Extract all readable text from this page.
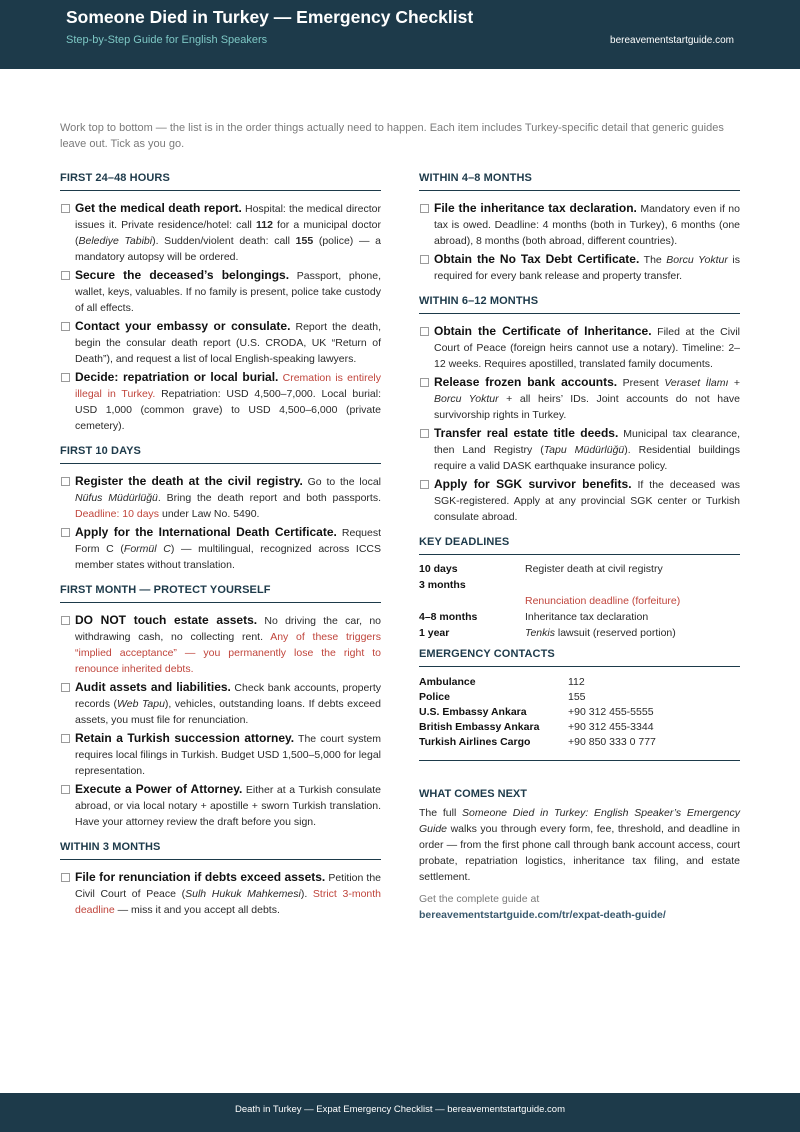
Someone Died in Turkey — Emergency Checklist
Step-by-Step Guide for English Speakers	bereavementstartguide.com

Work top to bottom — the list is in the order things actually need to happen. Each item includes Turkey-specific detail that generic guides leave out. Tick as you go.

FIRST 24–48 HOURS
Get the medical death report. Hospital: the medical director issues it. Private residence/hotel: call 112 for a municipal doctor (Belediye Tabibi). Sudden/violent death: call 155 (police) — a mandatory autopsy will be ordered.
Secure the deceased’s belongings. Passport, phone, wallet, keys, valuables. If no family is present, police take custody of all effects.
Contact your embassy or consulate. Report the death, begin the consular death report (U.S. CRODA, UK “Return of Death”), and request a list of local English-speaking lawyers.
Decide: repatriation or local burial. Cremation is entirely illegal in Turkey. Repatriation: USD 4,500–7,000. Local burial: USD 1,000 (common grave) to USD 4,500–6,000 (private cemetery).
FIRST 10 DAYS
Register the death at the civil registry. Go to the local Nüfus Müdürlüğü. Bring the death report and both passports. Deadline: 10 days under Law No. 5490.
Apply for the International Death Certificate. Request Form C (Formül C) — multilingual, recognized across ICCS member states without translation.
FIRST MONTH — PROTECT YOURSELF
DO NOT touch estate assets. No driving the car, no withdrawing cash, no collecting rent. Any of these triggers “implied acceptance” — you permanently lose the right to renounce inherited debts.
Audit assets and liabilities. Check bank accounts, property records (Web Tapu), vehicles, outstanding loans. If debts exceed assets, you must file for renunciation.
Retain a Turkish succession attorney. The court system requires local filings in Turkish. Budget USD 1,500–5,000 for legal representation.
Execute a Power of Attorney. Either at a Turkish consulate abroad, or via local notary + apostille + sworn Turkish translation. Have your attorney review the draft before you sign.
WITHIN 3 MONTHS
File for renunciation if debts exceed assets. Petition the Civil Court of Peace (Sulh Hukuk Mahkemesi). Strict 3-month deadline — miss it and you accept all debts.
WITHIN 4–8 MONTHS
File the inheritance tax declaration. Mandatory even if no tax is owed. Deadline: 4 months (both in Turkey), 6 months (one abroad), 8 months (both abroad, different countries).
Obtain the No Tax Debt Certificate. The Borcu Yoktur is required for every bank release and property transfer.
WITHIN 6–12 MONTHS
Obtain the Certificate of Inheritance. Filed at the Civil Court of Peace (foreign heirs cannot use a notary). Timeline: 2–12 weeks. Requires apostilled, translated family documents.
Release frozen bank accounts. Present Veraset İlamı + Borcu Yoktur + all heirs’ IDs. Joint accounts do not have survivorship rights in Turkey.
Transfer real estate title deeds. Municipal tax clearance, then Land Registry (Tapu Müdürlüğü). Residential buildings require a valid DASK earthquake insurance policy.
Apply for SGK survivor benefits. If the deceased was SGK-registered. Apply at any provincial SGK center or Turkish consulate abroad.
KEY DEADLINES
10 days	Register death at civil registry
3 months	Renunciation deadline (forfeiture)
4–8 months	Inheritance tax declaration
1 year	Tenkis lawsuit (reserved portion)
EMERGENCY CONTACTS
Ambulance	112
Police	155
U.S. Embassy Ankara	+90 312 455-5555
British Embassy Ankara	+90 312 455-3344
Turkish Airlines Cargo	+90 850 333 0 777
WHAT COMES NEXT

The full Someone Died in Turkey: English Speaker’s Emergency Guide walks you through every form, fee, threshold, and deadline in order — from the first phone call through bank account access, court probate, repatriation logistics, inheritance tax filing, and estate settlement.

Get the complete guide at
bereavementstartguide.com/tr/expat-death-guide/
Death in Turkey — Expat Emergency Checklist — bereavementstartguide.com
